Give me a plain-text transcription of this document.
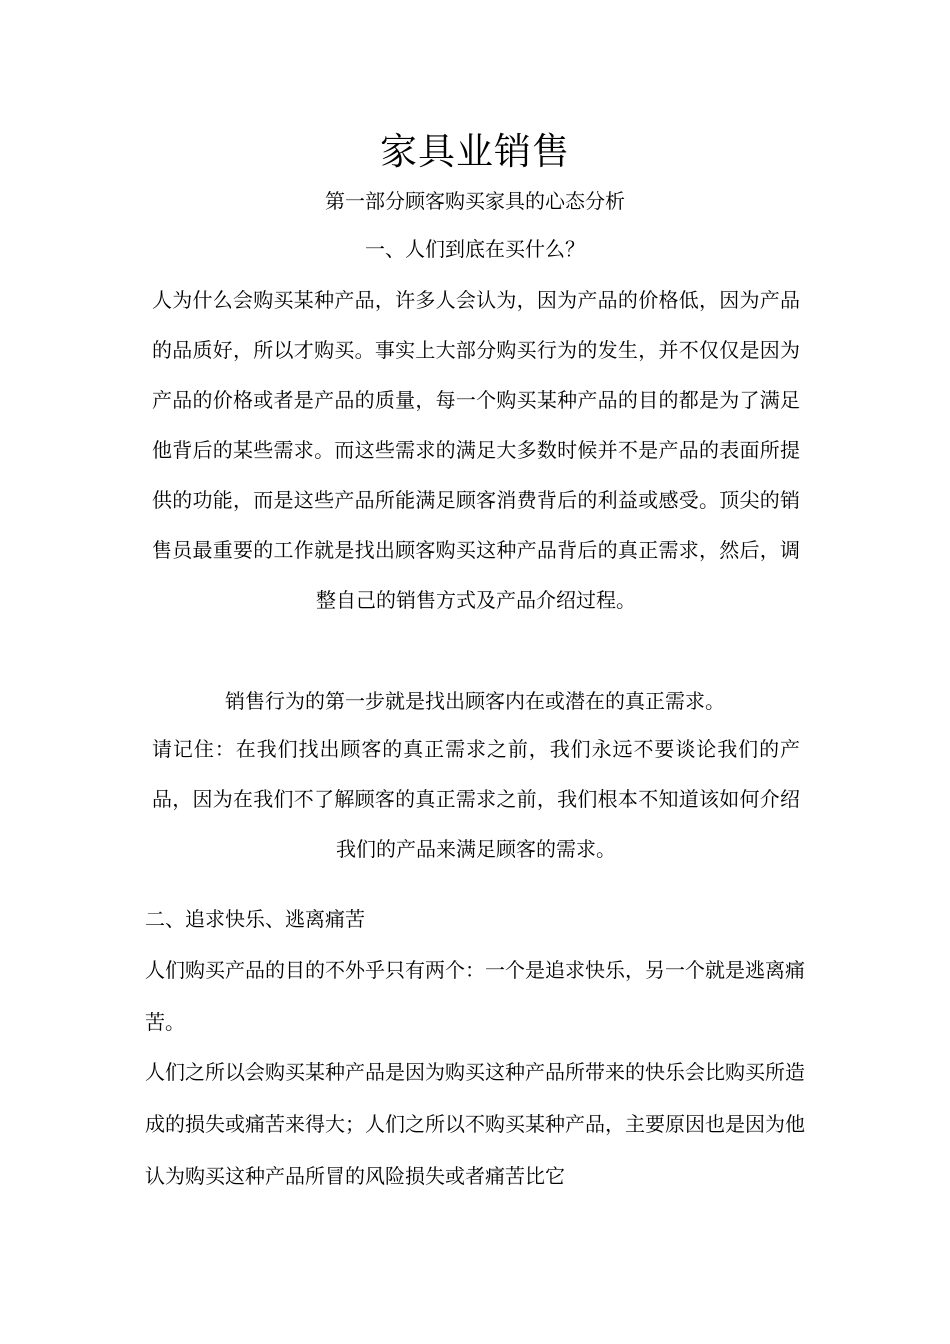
家具业销售

第一部分顾客购买家具的心态分析

一、人们到底在买什么？

人为什么会购买某种产品，许多人会认为，因为产品的价格低，因为产品的品质好，所以才购买。事实上大部分购买行为的发生，并不仅仅是因为产品的价格或者是产品的质量，每一个购买某种产品的目的都是为了满足他背后的某些需求。而这些需求的满足大多数时候并不是产品的表面所提供的功能，而是这些产品所能满足顾客消费背后的利益或感受。顶尖的销售员最重要的工作就是找出顾客购买这种产品背后的真正需求，然后，调整自己的销售方式及产品介绍过程。

销售行为的第一步就是找出顾客内在或潜在的真正需求。

请记住：在我们找出顾客的真正需求之前，我们永远不要谈论我们的产品，因为在我们不了解顾客的真正需求之前，我们根本不知道该如何介绍我们的产品来满足顾客的需求。

二、追求快乐、逃离痛苦

人们购买产品的目的不外乎只有两个：一个是追求快乐，另一个就是逃离痛苦。

人们之所以会购买某种产品是因为购买这种产品所带来的快乐会比购买所造成的损失或痛苦来得大；人们之所以不购买某种产品，主要原因也是因为他认为购买这种产品所冒的风险损失或者痛苦比它
